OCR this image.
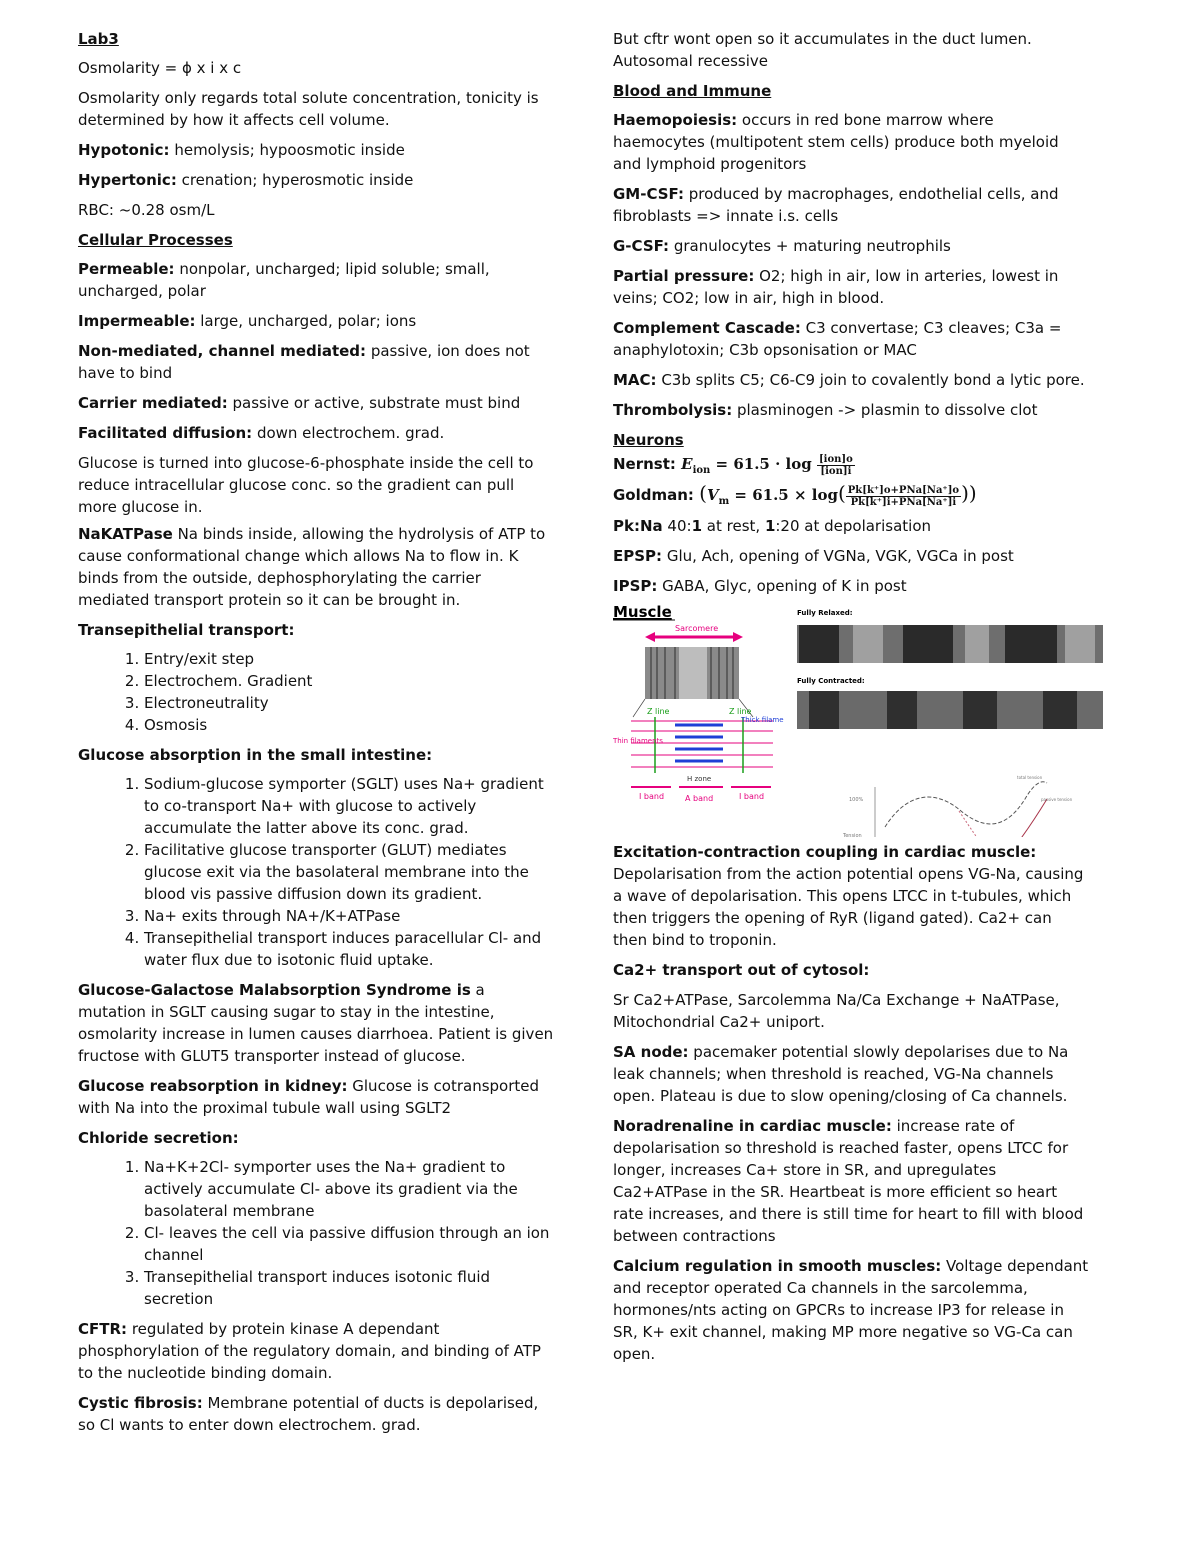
Lab3

Osmolarity = ϕ x i x c

Osmolarity only regards total solute concentration, tonicity is determined by how it affects cell volume.

Hypotonic: hemolysis; hypoosmotic inside

Hypertonic: crenation; hyperosmotic inside

RBC: ~0.28 osm/L

Cellular Processes

Permeable: nonpolar, uncharged; lipid soluble; small, uncharged, polar

Impermeable: large, uncharged, polar; ions

Non-mediated, channel mediated: passive, ion does not have to bind

Carrier mediated: passive or active, substrate must bind

Facilitated diffusion: down electrochem. grad.

Glucose is turned into glucose-6-phosphate inside the cell to reduce intracellular glucose conc. so the gradient can pull more glucose in.

NaKATPase Na binds inside, allowing the hydrolysis of ATP to cause conformational change which allows Na to flow in. K binds from the outside, dephosphorylating the carrier mediated transport protein so it can be brought in.

Transepithelial transport:

1. Entry/exit step
2. Electrochem. Gradient
3. Electroneutrality
4. Osmosis

Glucose absorption in the small intestine:

1. Sodium-glucose symporter (SGLT) uses Na+ gradient to co-transport Na+ with glucose to actively accumulate the latter above its conc. grad.
2. Facilitative glucose transporter (GLUT) mediates glucose exit via the basolateral membrane into the blood vis passive diffusion down its gradient.
3. Na+ exits through NA+/K+ATPase
4. Transepithelial transport induces paracellular Cl- and water flux due to isotonic fluid uptake.

Glucose-Galactose Malabsorption Syndrome is a mutation in SGLT causing sugar to stay in the intestine, osmolarity increase in lumen causes diarrhoea. Patient is given fructose with GLUT5 transporter instead of glucose.

Glucose reabsorption in kidney: Glucose is cotransported with Na into the proximal tubule wall using SGLT2

Chloride secretion:

1. Na+K+2Cl- symporter uses the Na+ gradient to actively accumulate Cl- above its gradient via the basolateral membrane
2. Cl- leaves the cell via passive diffusion through an ion channel
3. Transepithelial transport induces isotonic fluid secretion

CFTR: regulated by protein kinase A dependant phosphorylation of the regulatory domain, and binding of ATP to the nucleotide binding domain.

Cystic fibrosis: Membrane potential of ducts is depolarised, so Cl wants to enter down electrochem. grad.

But cftr wont open so it accumulates in the duct lumen. Autosomal recessive

Blood and Immune

Haemopoiesis: occurs in red bone marrow where haemocytes (multipotent stem cells) produce both myeloid and lymphoid progenitors

GM-CSF: produced by macrophages, endothelial cells, and fibroblasts => innate i.s. cells

G-CSF: granulocytes + maturing neutrophils

Partial pressure: O2; high in air, low in arteries, lowest in veins; CO2; low in air, high in blood.

Complement Cascade: C3 convertase; C3 cleaves; C3a = anaphylotoxin; C3b opsonisation or MAC

MAC: C3b splits C5; C6-C9 join to covalently bond a lytic pore.

Thrombolysis: plasminogen -> plasmin to dissolve clot

Neurons

Nernst: $E_{ion} = 61.5 \cdot \log \frac{\text{[ion]o}}{\text{[ion]i}}$

Goldman: ($V_m = 61.5 \times \log( \frac{\text{Pk[k⁺]o+PNa[Na⁺]o}}{\text{Pk[k⁺]i+PNa[Na⁺]i}}$ ))

Pk:Na 40:1 at rest, 1:20 at depolarisation

EPSP: Glu, Ach, opening of VGNa, VGK, VGCa in post

IPSP: GABA, Glyc, opening of K in post

Muscle
Sarcomere
Z line	Z line
Thick filame
Thin filaments
H zone
I band	A band	I band
Fully Relaxed:
Fully Contracted:
100%
Tension
total tension
passive tension

Excitation-contraction coupling in cardiac muscle: Depolarisation from the action potential opens VG-Na, causing a wave of depolarisation. This opens LTCC in t-tubules, which then triggers the opening of RyR (ligand gated). Ca2+ can then bind to troponin.

Ca2+ transport out of cytosol:

Sr Ca2+ATPase, Sarcolemma Na/Ca Exchange + NaATPase, Mitochondrial Ca2+ uniport.

SA node: pacemaker potential slowly depolarises due to Na leak channels; when threshold is reached, VG-Na channels open. Plateau is due to slow opening/closing of Ca channels.

Noradrenaline in cardiac muscle: increase rate of depolarisation so threshold is reached faster, opens LTCC for longer, increases Ca+ store in SR, and upregulates Ca2+ATPase in the SR. Heartbeat is more efficient so heart rate increases, and there is still time for heart to fill with blood between contractions

Calcium regulation in smooth muscles: Voltage dependant and receptor operated Ca channels in the sarcolemma, hormones/nts acting on GPCRs to increase IP3 for release in SR, K+ exit channel, making MP more negative so VG-Ca can open.
